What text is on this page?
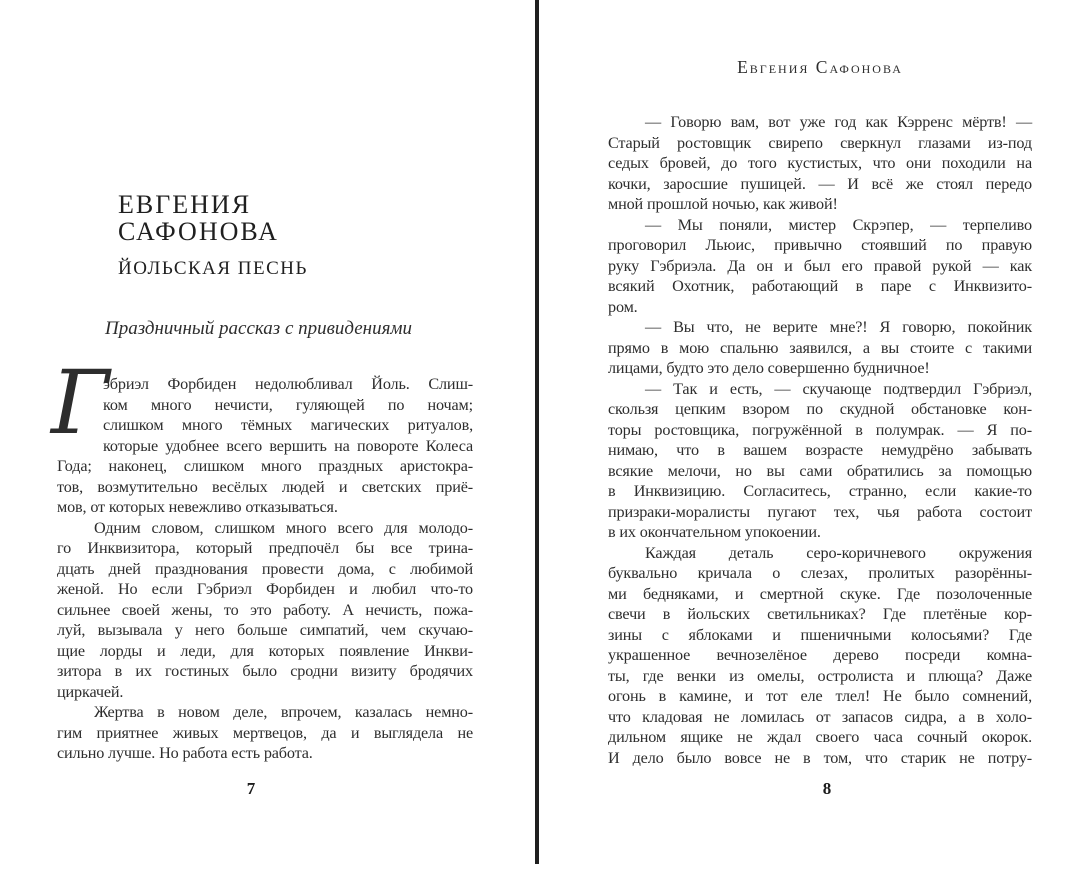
ЕВГЕНИЯ
САФОНОВА
ЙОЛЬСКАЯ ПЕСНЬ
Праздничный рассказ с привидениями
Г
эбриэл Форбиден недолюбливал Йоль. Слиш-
ком много нечисти, гуляющей по ночам;
слишком много тёмных магических ритуалов,
которые удобнее всего вершить на повороте Колеса
Года; наконец, слишком много праздных аристокра-
тов, возмутительно весёлых людей и светских приё-
мов, от которых невежливо отказываться.
Одним словом, слишком много всего для молодо-
го Инквизитора, который предпочёл бы все трина-
дцать дней празднования провести дома, с любимой
женой. Но если Гэбриэл Форбиден и любил что-то
сильнее своей жены, то это работу. А нечисть, пожа-
луй, вызывала у него больше симпатий, чем скучаю-
щие лорды и леди, для которых появление Инкви-
зитора в их гостиных было сродни визиту бродячих
циркачей.
Жертва в новом деле, впрочем, казалась немно-
гим приятнее живых мертвецов, да и выглядела не
сильно лучше. Но работа есть работа.
7
Евгения Сафонова
— Говорю вам, вот уже год как Кэрренс мёртв! —
Старый ростовщик свирепо сверкнул глазами из-под
седых бровей, до того кустистых, что они походили на
кочки, заросшие пушицей. — И всё же стоял передо
мной прошлой ночью, как живой!
— Мы поняли, мистер Скрэпер, — терпеливо
проговорил Льюис, привычно стоявший по правую
руку Гэбриэла. Да он и был его правой рукой — как
всякий Охотник, работающий в паре с Инквизито-
ром.
— Вы что, не верите мне?! Я говорю, покойник
прямо в мою спальню заявился, а вы стоите с такими
лицами, будто это дело совершенно будничное!
— Так и есть, — скучающе подтвердил Гэбриэл,
скользя цепким взором по скудной обстановке кон-
торы ростовщика, погружённой в полумрак. — Я по-
нимаю, что в вашем возрасте немудрёно забывать
всякие мелочи, но вы сами обратились за помощью
в Инквизицию. Согласитесь, странно, если какие-то
призраки-моралисты пугают тех, чья работа состоит
в их окончательном упокоении.
Каждая деталь серо-коричневого окружения
буквально кричала о слезах, пролитых разорённы-
ми бедняками, и смертной скуке. Где позолоченные
свечи в йольских светильниках? Где плетёные кор-
зины с яблоками и пшеничными колосьями? Где
украшенное вечнозелёное дерево посреди комна-
ты, где венки из омелы, остролиста и плюща? Даже
огонь в камине, и тот еле тлел! Не было сомнений,
что кладовая не ломилась от запасов сидра, а в холо-
дильном ящике не ждал своего часа сочный окорок.
И дело было вовсе не в том, что старик не потру-
8
